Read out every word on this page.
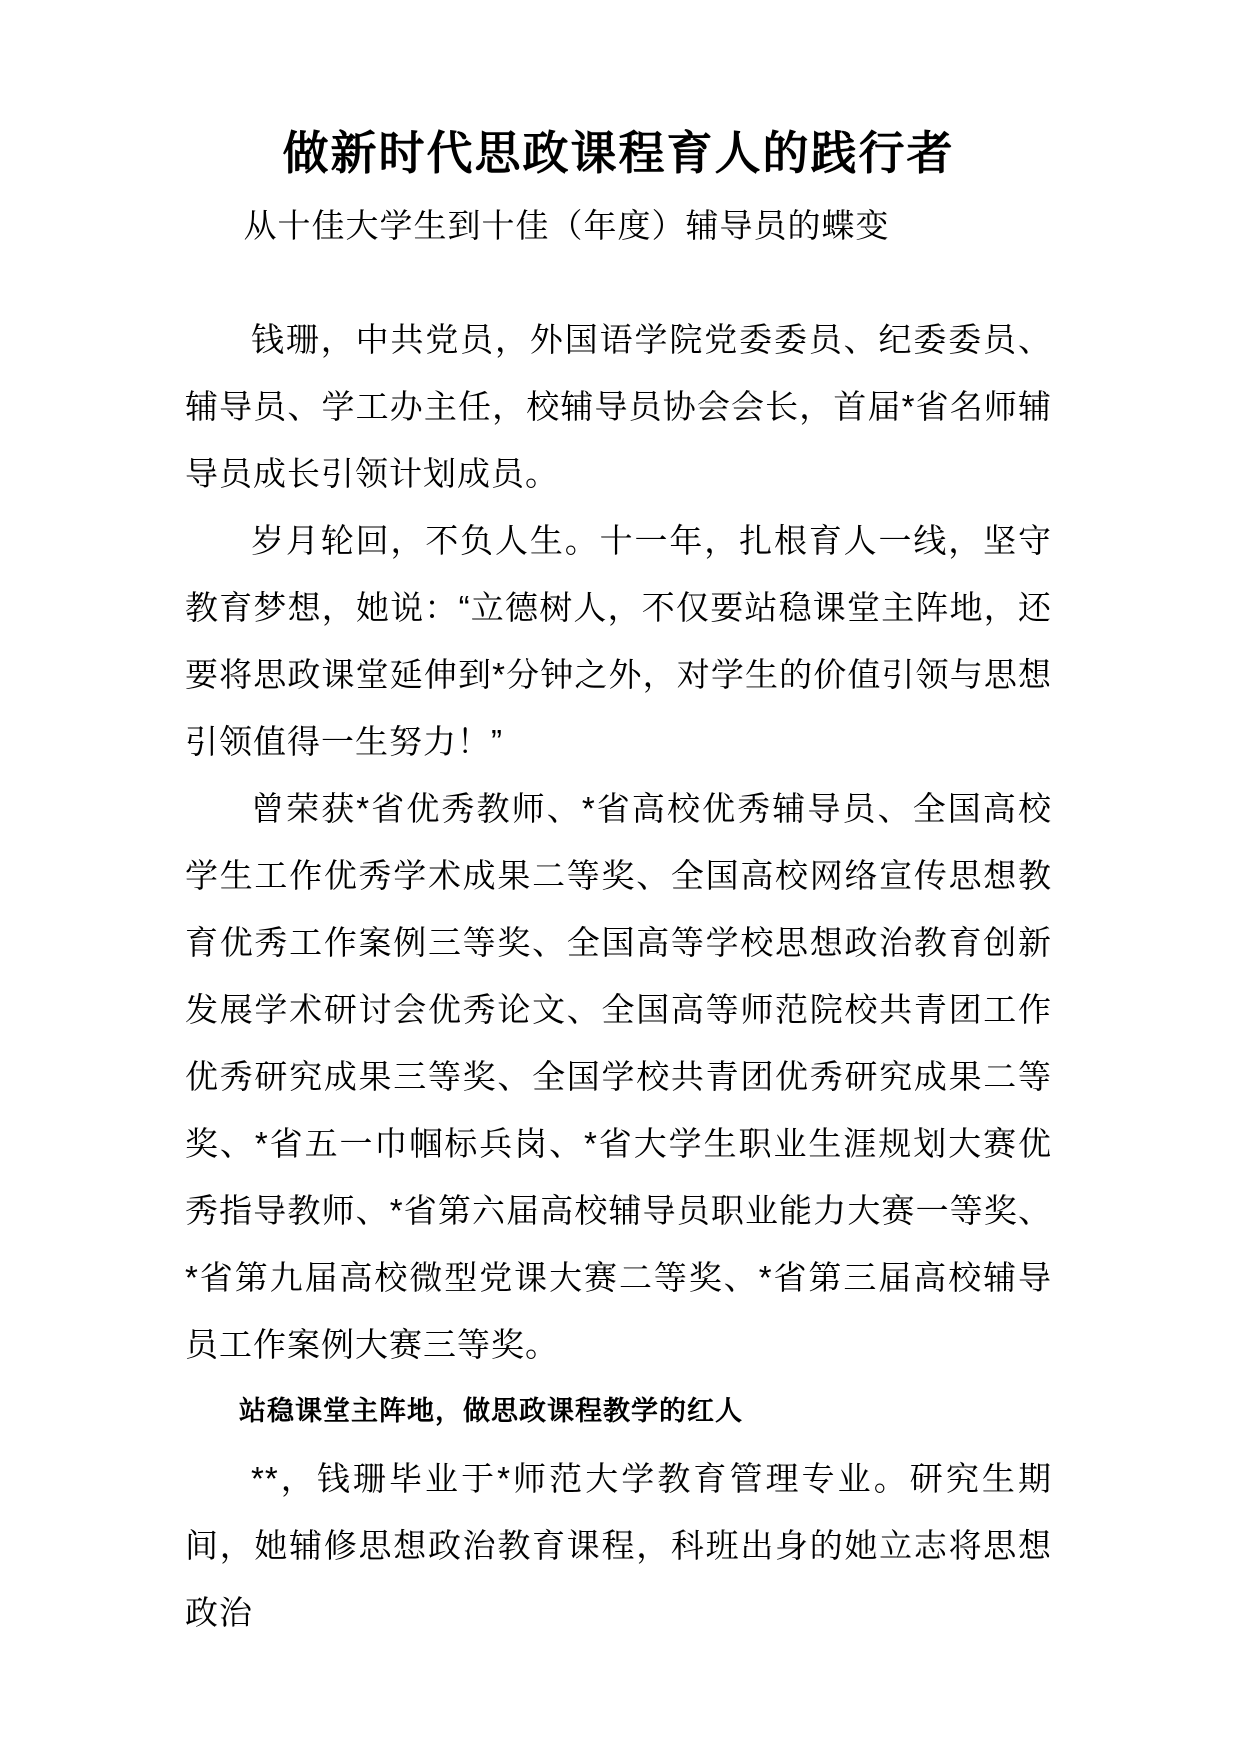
做新时代思政课程育人的践行者
从十佳大学生到十佳（年度）辅导员的蝶变

钱珊，中共党员，外国语学院党委委员、纪委委员、辅导员、学工办主任，校辅导员协会会长，首届*省名师辅导员成长引领计划成员。

岁月轮回，不负人生。十一年，扎根育人一线，坚守教育梦想，她说：“立德树人，不仅要站稳课堂主阵地，还要将思政课堂延伸到*分钟之外，对学生的价值引领与思想引领值得一生努力！”

曾荣获*省优秀教师、*省高校优秀辅导员、全国高校学生工作优秀学术成果二等奖、全国高校网络宣传思想教育优秀工作案例三等奖、全国高等学校思想政治教育创新发展学术研讨会优秀论文、全国高等师范院校共青团工作优秀研究成果三等奖、全国学校共青团优秀研究成果二等奖、*省五一巾帼标兵岗、*省大学生职业生涯规划大赛优秀指导教师、*省第六届高校辅导员职业能力大赛一等奖、*省第九届高校微型党课大赛二等奖、*省第三届高校辅导员工作案例大赛三等奖。

站稳课堂主阵地，做思政课程教学的红人

**，钱珊毕业于*师范大学教育管理专业。研究生期间，她辅修思想政治教育课程，科班出身的她立志将思想政治
